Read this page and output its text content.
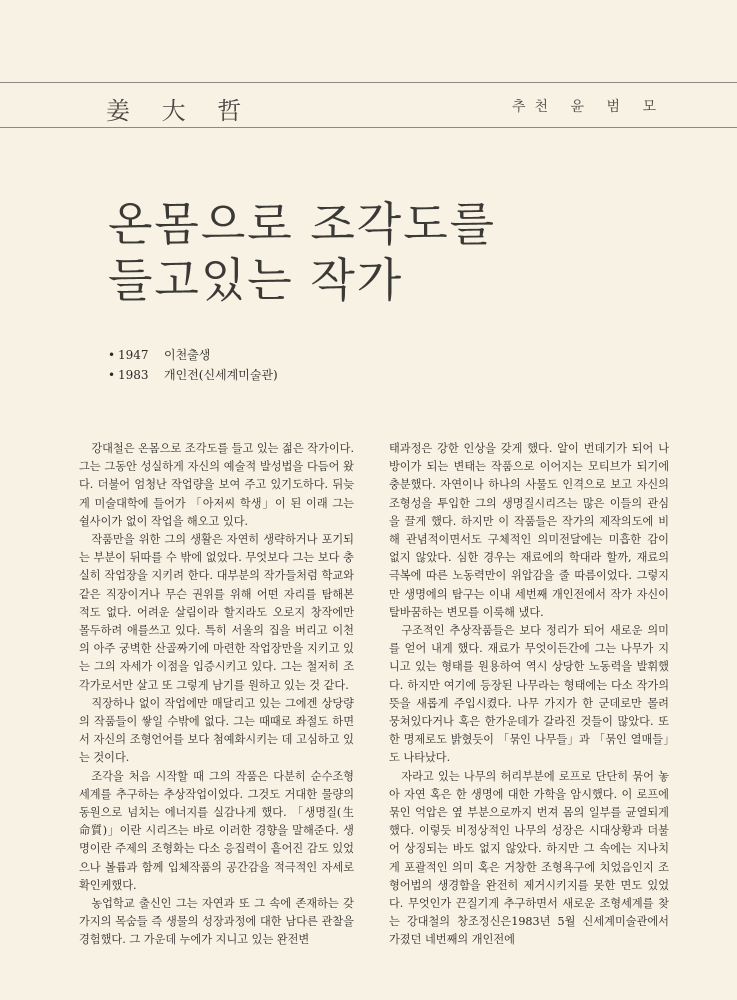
姜 大 哲	추천 윤 범 모
온몸으로 조각도를
들고있는 작가
• 1947	이천출생
• 1983	개인전(신세계미술관)

강대철은 온몸으로 조각도를 들고 있는 젊은 작가이다. 그는 그동안 성실하게 자신의 예술적 발성법을 다듬어 왔다. 더불어 엄청난 작업량을 보여 주고 있기도하다. 뒤늦게 미술대학에 들어가 「아저씨 학생」이 된 이래 그는 쉴사이가 없이 작업을 해오고 있다.

작품만을 위한 그의 생활은 자연히 생략하거나 포기되는 부분이 뒤따를 수 밖에 없었다. 무엇보다 그는 보다 충실히 작업장을 지키려 한다. 대부분의 작가들처럼 학교와 같은 직장이거나 무슨 권위를 위해 어떤 자리를 탐해본 적도 없다. 어려운 살림이라 할지라도 오로지 창작에만 몰두하려 애를쓰고 있다. 특히 서울의 집을 버리고 이천의 아주 궁벽한 산골짜기에 마련한 작업장만을 지키고 있는 그의 자세가 이점을 입증시키고 있다. 그는 철저히 조각가로서만 살고 또 그렇게 남기를 원하고 있는 것 같다.

직장하나 없이 작업에만 매달리고 있는 그에겐 상당량의 작품들이 쌓일 수밖에 없다. 그는 때때로 좌절도 하면서 자신의 조형언어를 보다 첨예화시키는 데 고심하고 있는 것이다.

조각을 처음 시작할 때 그의 작품은 다분히 순수조형 세계를 추구하는 추상작업이었다. 그것도 거대한 물량의 동원으로 넘치는 에너지를 실감나게 했다. 「생명질(生命質)」이란 시리즈는 바로 이러한 경향을 말해준다. 생명이란 주제의 조형화는 다소 응집력이 흩어진 감도 있었으나 볼륨과 함께 입체작품의 공간감을 적극적인 자세로 확인케했다.

농업학교 출신인 그는 자연과 또 그 속에 존재하는 갖가지의 목숨들 즉 생물의 성장과정에 대한 남다른 관찰을 경험했다. 그 가운데 누에가 지니고 있는 완전변

태과정은 강한 인상을 갖게 했다. 알이 번데기가 되어 나방이가 되는 변태는 작품으로 이어지는 모티브가 되기에 충분했다. 자연이나 하나의 사물도 인격으로 보고 자신의 조형성을 투입한 그의 생명질시리즈는 많은 이들의 관심을 끌게 했다. 하지만 이 작품들은 작가의 제작의도에 비해 관념적이면서도 구체적인 의미전달에는 미흡한 감이 없지 않았다. 심한 경우는 재료에의 학대라 할까, 재료의 극복에 따른 노동력만이 위압감을 줄 따름이었다. 그렇지만 생명에의 탐구는 이내 세번째 개인전에서 작가 자신이 탈바꿈하는 변모를 이룩해 냈다.

구조적인 추상작품들은 보다 정리가 되어 새로운 의미를 얻어 내게 했다. 재료가 무엇이든간에 그는 나무가 지니고 있는 형태를 원용하여 역시 상당한 노동력을 발휘했다. 하지만 여기에 등장된 나무라는 형태에는 다소 작가의 뜻을 새롭게 주입시켰다. 나무 가지가 한 군데로만 몰려 뭉쳐있다거나 혹은 한가운데가 갈라진 것들이 많았다. 또한 명제로도 밝혔듯이 「묶인 나무들」과 「묶인 열매들」도 나타났다.

자라고 있는 나무의 허리부분에 로프로 단단히 묶어 놓아 자연 혹은 한 생명에 대한 가학을 암시했다. 이 로프에 묶인 억압은 옆 부분으로까지 번져 몸의 일부를 균열되게 했다. 이렇듯 비정상적인 나무의 성장은 시대상황과 더불어 상징되는 바도 없지 않았다. 하지만 그 속에는 지나치게 포괄적인 의미 혹은 거창한 조형욕구에 치었음인지 조형어법의 생경함을 완전히 제거시키지를 못한 면도 있었다. 무엇인가 끈질기게 추구하면서 새로운 조형세계를 찾는 강대철의 창조정신은1983년 5월 신세계미술관에서 가졌던 네번째의 개인전에
